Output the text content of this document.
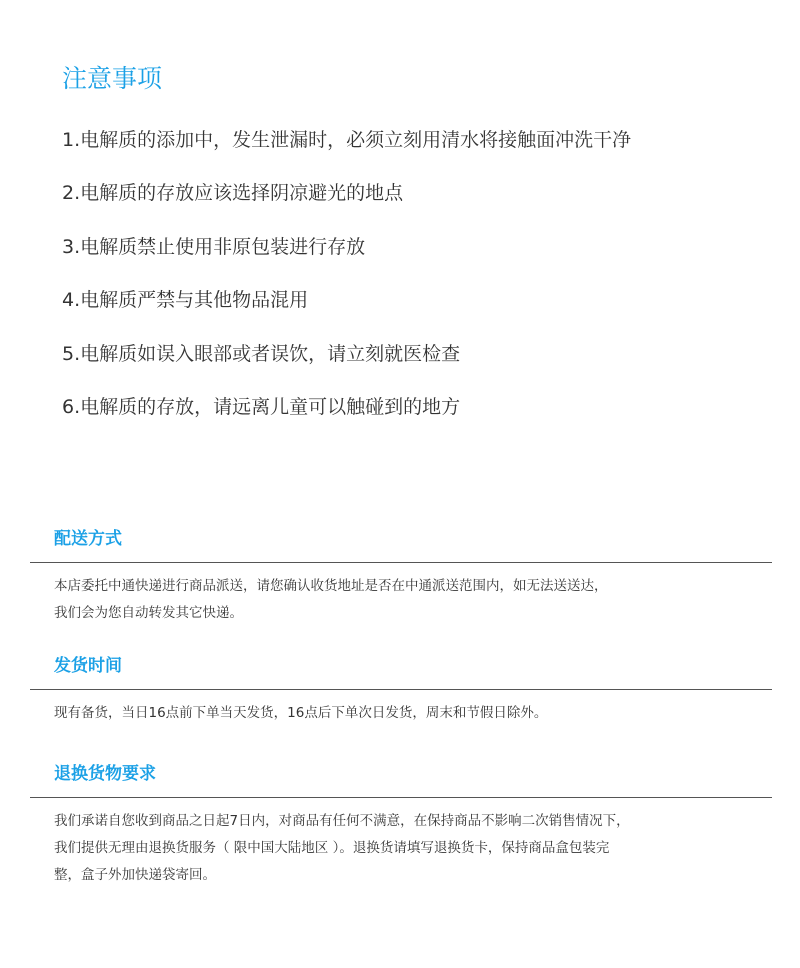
注意事项
1.电解质的添加中，发生泄漏时，必须立刻用清水将接触面冲洗干净
2.电解质的存放应该选择阴凉避光的地点
3.电解质禁止使用非原包装进行存放
4.电解质严禁与其他物品混用
5.电解质如误入眼部或者误饮，请立刻就医检查
6.电解质的存放，请远离儿童可以触碰到的地方
配送方式

本店委托中通快递进行商品派送，请您确认收货地址是否在中通派送范围内，如无法送送达，
我们会为您自动转发其它快递。

发货时间

现有备货，当日16点前下单当天发货，16点后下单次日发货，周末和节假日除外。

退换货物要求

我们承诺自您收到商品之日起7日内，对商品有任何不满意，在保持商品不影响二次销售情况下，
我们提供无理由退换货服务（ 限中国大陆地区 ）。退换货请填写退换货卡，保持商品盒包装完
整，盒子外加快递袋寄回。
